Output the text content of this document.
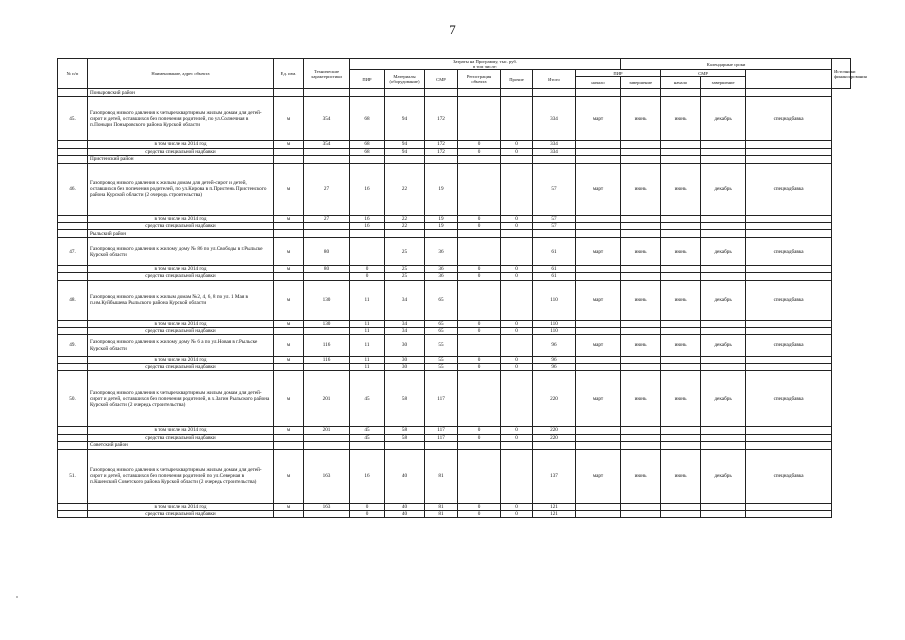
7
№ п/п	Наименование, адрес объекта	Ед. изм.	Технические характеристики	Затраты на Программу, тыс. руб.
в том числе:							Календарные сроки				Источники финансирования
				ПИР	Материалы (оборудование)	СМР	Регистрация объекта	Прочие	Итого	ПИР		СМР			
										начало	завершение	начало	завершение		
	Поныровский район														
45.	Газопровод низкого давления к четырехквартирным жилым домам для детей-сирот и детей, оставшихся без попечения родителей, по ул.Солнечная в п.Поныри Поныровского района Курской области	м	354	68	94	172			334	март	июнь	июнь	декабрь	спецнадбавка	
	в том числе на 2014 год	м	354	68	94	172	0	0	334						
	средства специальной надбавки			68	94	172	0	0	334						
	Пристенский район														
46.	Газопровод низкого давления к жилым домам для детей-сирот и детей, оставшихся без попечения родителей, по ул.Кирова в п.Пристень Пристенского района Курской области (2 очередь строительства)	м	27	16	22	19			57	март	июнь	июнь	декабрь	спецнадбавка	
	в том числе на 2014 год	м	27	16	22	19	0	0	57						
	средства специальной надбавки			16	22	19	0	0	57						
	Рыльский район														
47.	Газопровод низкого давления к жилому дому № 86 по ул.Свободы в г.Рыльске Курской области	м	80		25	36			61	март	июнь	июнь	декабрь	спецнадбавка	
	в том числе на 2014 год	м	80	0	25	36	0	0	61						
	средства специальной надбавки			0	25	36	0	0	61						
48.	Газопровод низкого давления к жилым домам №2, 4, 6, 8 по ул. 1 Мая в п.им.Куйбышева Рыльского района Курской области	м	130	11	34	65			110	март	июнь	июнь	декабрь	спецнадбавка	
	в том числе на 2014 год	м	130	11	34	65	0	0	110						
	средства специальной надбавки			11	34	65	0	0	110						
49.	Газопровод низкого давления к жилому дому № 6 а по ул.Новая в г.Рыльске Курской области	м	116	11	30	55			96	март	июнь	июнь	декабрь	спецнадбавка	
	в том числе на 2014 год	м	116	11	30	55	0	0	96						
	средства специальной надбавки			11	30	55	0	0	96						
50.	Газопровод низкого давления к четырехквартирным жилым домам для детей-сирот и детей, оставшихся без попечения родителей, в х.Загин Рыльского района Курской области (2 очередь строительства)	м	201	45	58	117			220	март	июнь	июнь	декабрь	спецнадбавка	
	в том числе на 2014 год	м	201	45	58	117	0	0	220						
	средства специальной надбавки			45	58	117	0	0	220						
	Советский район														
51.	Газопровод низкого давления к четырехквартирным жилым домам для детей-сирот и детей, оставшихся без попечения родителей по ул.Северная в п.Кшенский Советского района Курской области (2 очередь строительства)	м	163	16	40	81			137	март	июнь	июнь	декабрь	спецнадбавка	
	в том числе на 2014 год	м	163	0	40	81	0	0	121						
	средства специальной надбавки			0	40	81	0	0	121						
